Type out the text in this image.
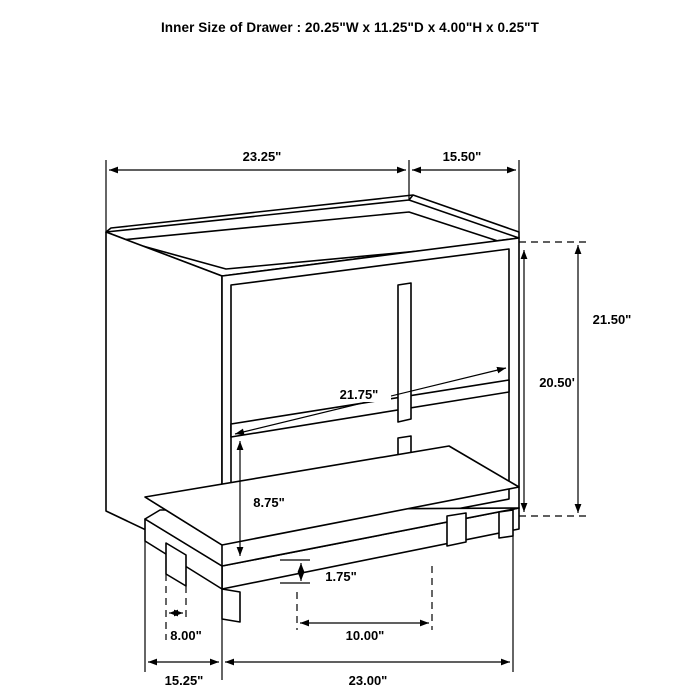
Inner Size of Drawer : 20.25"W x 11.25"D x 4.00"H x 0.25"T
23.25"	15.50"
21.50"
20.50'
21.75"
8.75"
1.75"
8.00"	10.00"
15.25"	23.00"
